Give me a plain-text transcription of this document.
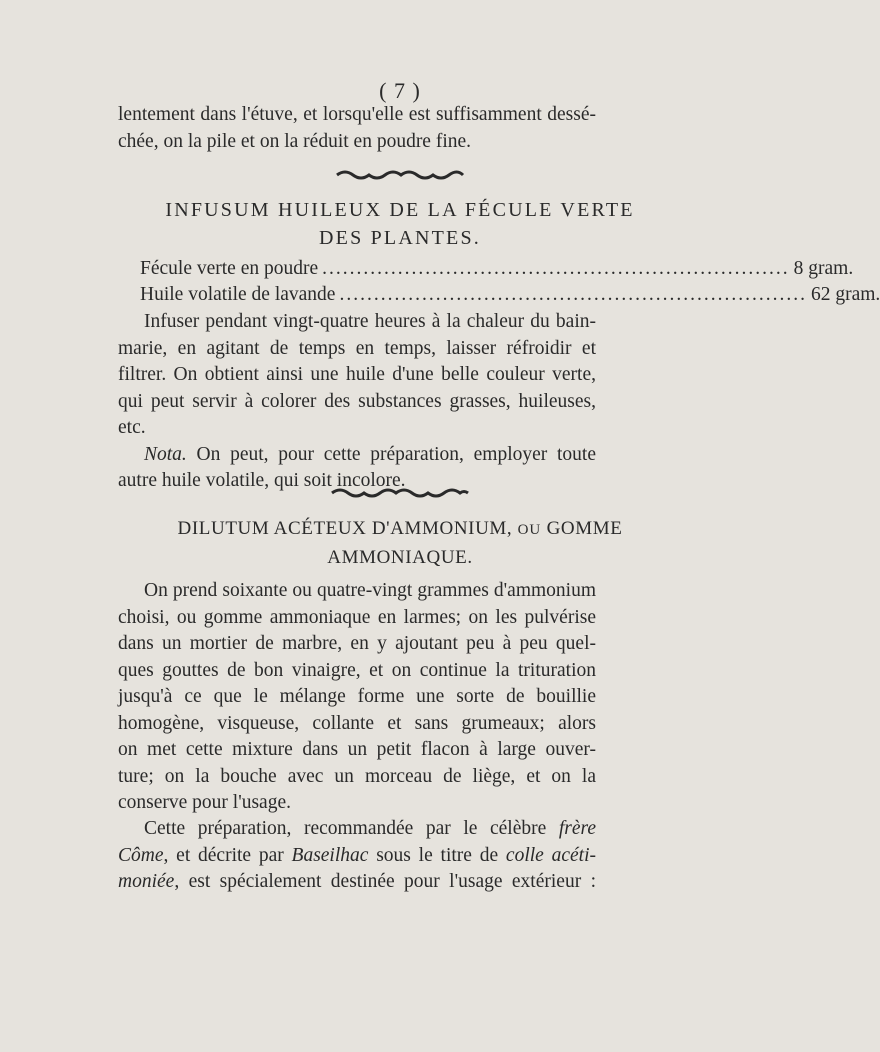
( 7 )
lentement dans l'étuve, et lorsqu'elle est suffisamment dessé-
chée, on la pile et on la réduit en poudre fine.
INFUSUM HUILEUX DE LA FÉCULE VERTE
DES PLANTES.
Fécule verte en poudre .................................................................... 8 gram.
Huile volatile de lavande .................................................................... 62 gram.
Infuser pendant vingt-quatre heures à la chaleur du bain-
marie, en agitant de temps en temps, laisser réfroidir et
filtrer. On obtient ainsi une huile d'une belle couleur verte,
qui peut servir à colorer des substances grasses, huileuses,
etc.
Nota. On peut, pour cette préparation, employer toute
autre huile volatile, qui soit incolore.
DILUTUM ACÉTEUX D'AMMONIUM, OU GOMME
AMMONIAQUE.
On prend soixante ou quatre-vingt grammes d'ammonium
choisi, ou gomme ammoniaque en larmes; on les pulvérise
dans un mortier de marbre, en y ajoutant peu à peu quel-
ques gouttes de bon vinaigre, et on continue la trituration
jusqu'à ce que le mélange forme une sorte de bouillie
homogène, visqueuse, collante et sans grumeaux; alors
on met cette mixture dans un petit flacon à large ouver-
ture; on la bouche avec un morceau de liège, et on la
conserve pour l'usage.
Cette préparation, recommandée par le célèbre frère
Côme, et décrite par Baseilhac sous le titre de colle acéti-
moniée, est spécialement destinée pour l'usage extérieur :
